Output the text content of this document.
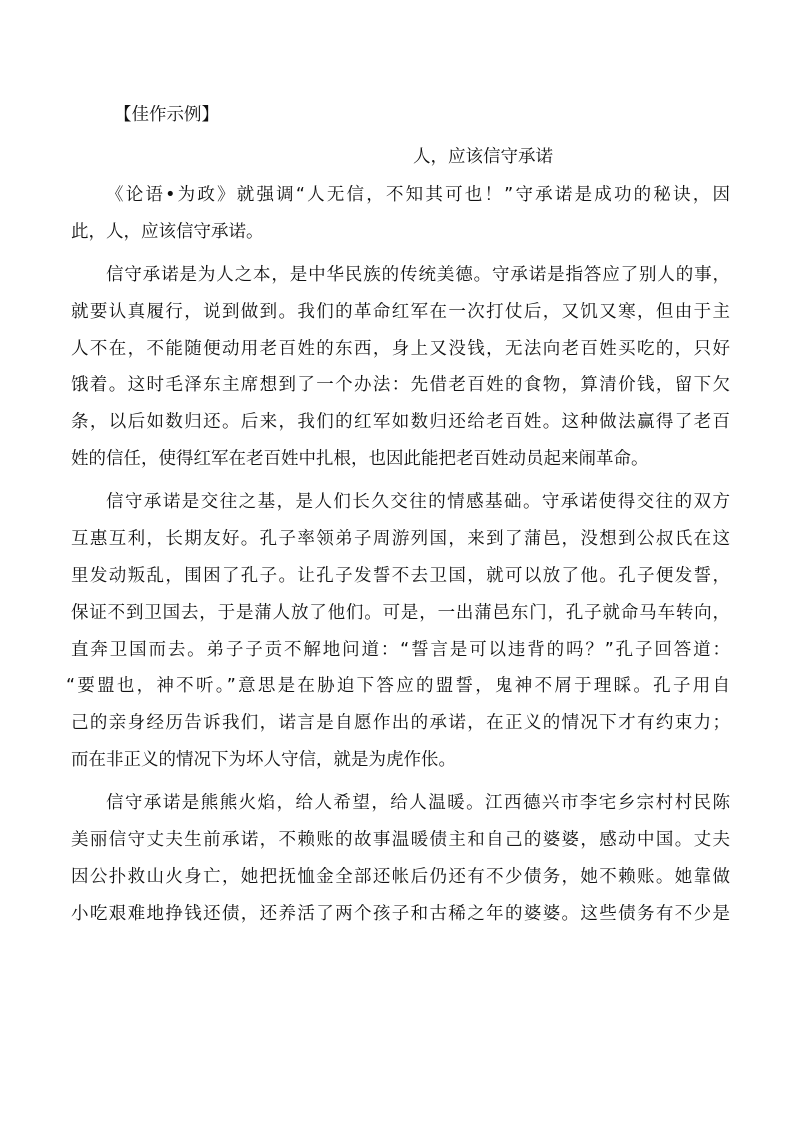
【佳作示例】
人，应该信守承诺
《论语•为政》就强调“人无信，不知其可也！”守承诺是成功的秘诀，因
此，人，应该信守承诺。
信守承诺是为人之本，是中华民族的传统美德。守承诺是指答应了别人的事，
就要认真履行，说到做到。我们的革命红军在一次打仗后，又饥又寒，但由于主
人不在，不能随便动用老百姓的东西，身上又没钱，无法向老百姓买吃的，只好
饿着。这时毛泽东主席想到了一个办法：先借老百姓的食物，算清价钱，留下欠
条，以后如数归还。后来，我们的红军如数归还给老百姓。这种做法赢得了老百
姓的信任，使得红军在老百姓中扎根，也因此能把老百姓动员起来闹革命。
信守承诺是交往之基，是人们长久交往的情感基础。守承诺使得交往的双方
互惠互利，长期友好。孔子率领弟子周游列国，来到了蒲邑，没想到公叔氏在这
里发动叛乱，围困了孔子。让孔子发誓不去卫国，就可以放了他。孔子便发誓，
保证不到卫国去，于是蒲人放了他们。可是，一出蒲邑东门，孔子就命马车转向，
直奔卫国而去。弟子子贡不解地问道：“誓言是可以违背的吗？”孔子回答道：
“要盟也，神不听。”意思是在胁迫下答应的盟誓，鬼神不屑于理睬。孔子用自
己的亲身经历告诉我们，诺言是自愿作出的承诺，在正义的情况下才有约束力；
而在非正义的情况下为坏人守信，就是为虎作伥。
信守承诺是熊熊火焰，给人希望，给人温暖。江西德兴市李宅乡宗村村民陈
美丽信守丈夫生前承诺，不赖账的故事温暖债主和自己的婆婆，感动中国。丈夫
因公扑救山火身亡，她把抚恤金全部还帐后仍还有不少债务，她不赖账。她靠做
小吃艰难地挣钱还债，还养活了两个孩子和古稀之年的婆婆。这些债务有不少是
